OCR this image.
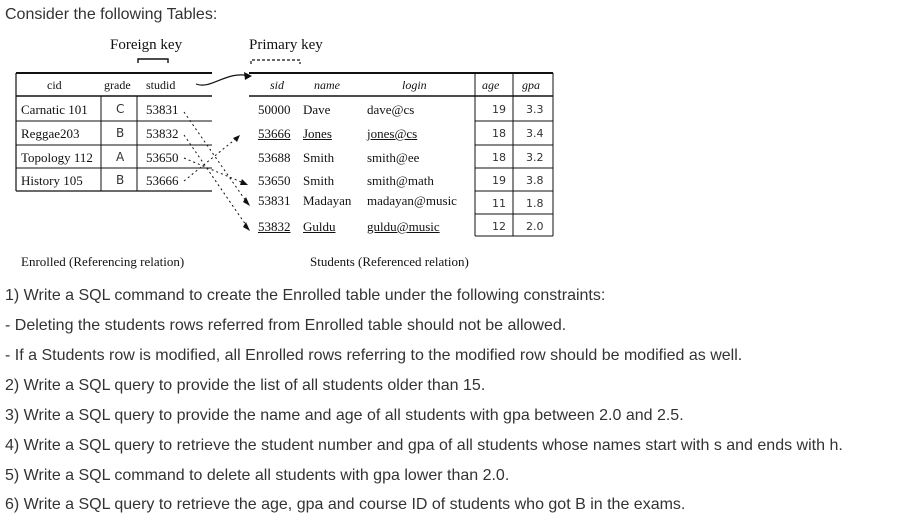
Consider the following Tables:
Foreign key	Primary key
cid	grade studid
Carnatic 101 C 53831
Reggae203	B 53832
Topology 112 A 53650
History 105	B 53666
sid name	login	age gpa
50000 Dave	dave@cs	19 3.3
53666 Jones	jones@cs	18 3.4
53688 Smith	smith@ee	18 3.2
53650 Smith	smith@math	19 3.8
53831 Madayan madayan@music	11 1.8
53832 Guldu guldu@music	12 2.0
Enrolled (Referencing relation)	Students (Referenced relation)
1) Write a SQL command to create the Enrolled table under the following constraints:
- Deleting the students rows referred from Enrolled table should not be allowed.
- If a Students row is modified, all Enrolled rows referring to the modified row should be modified as well.
2) Write a SQL query to provide the list of all students older than 15.
3) Write a SQL query to provide the name and age of all students with gpa between 2.0 and 2.5.
4) Write a SQL query to retrieve the student number and gpa of all students whose names start with s and ends with h.
5) Write a SQL command to delete all students with gpa lower than 2.0.
6) Write a SQL query to retrieve the age, gpa and course ID of students who got B in the exams.
